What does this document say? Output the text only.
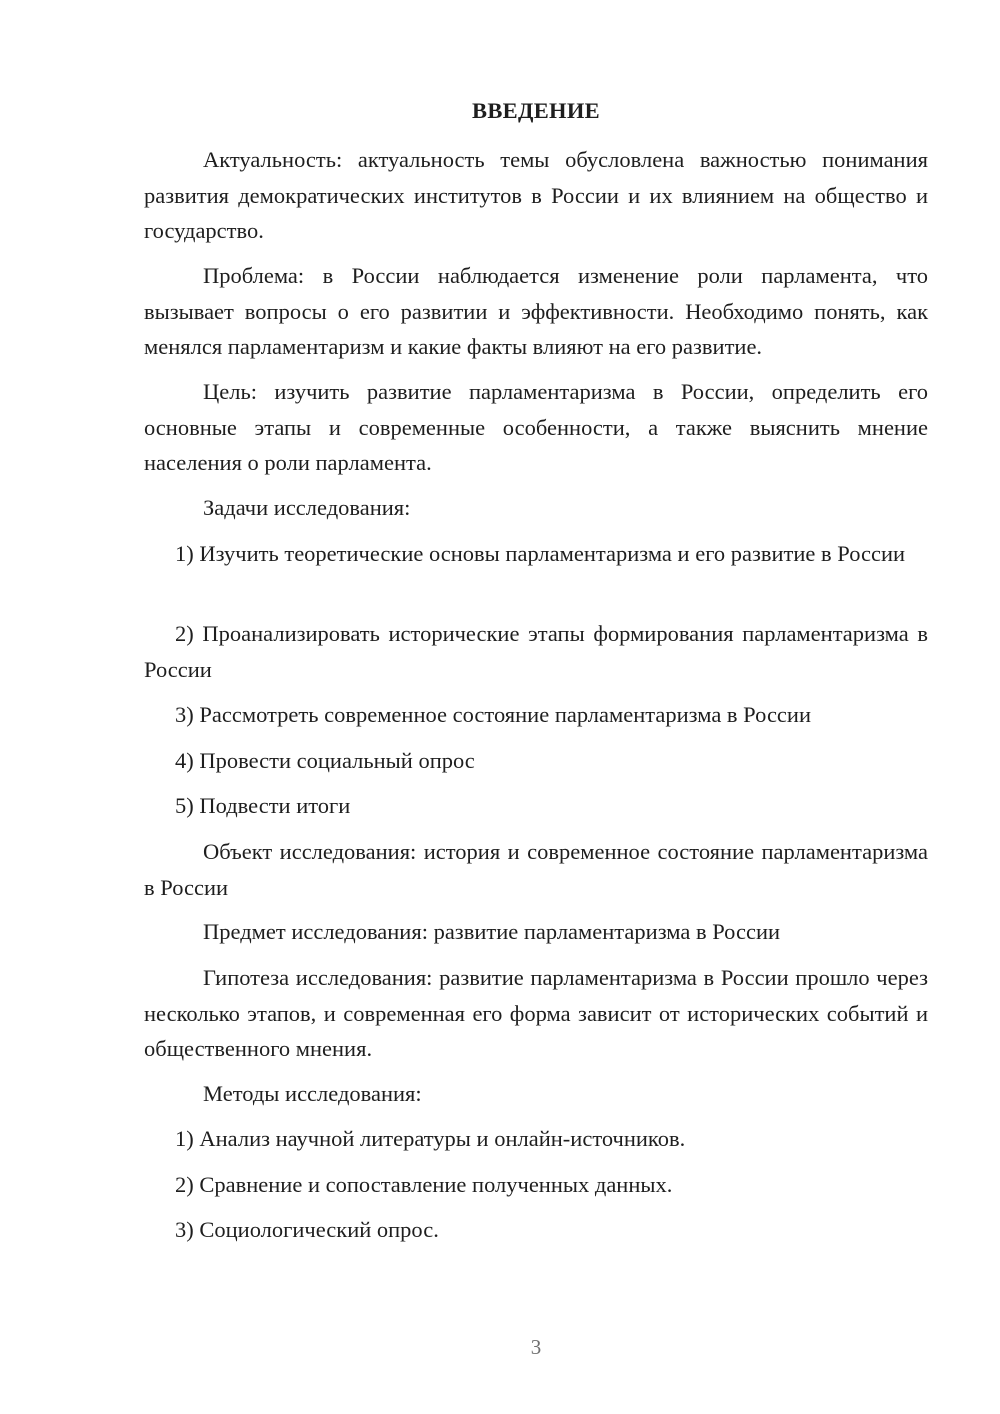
ВВЕДЕНИЕ

Актуальность: актуальность темы обусловлена важностью понимания развития демократических институтов в России и их влиянием на общество и государство.

Проблема: в России наблюдается изменение роли парламента, что вызывает вопросы о его развитии и эффективности. Необходимо понять, как менялся парламентаризм и какие факты влияют на его развитие.

Цель: изучить развитие парламентаризма в России, определить его основные этапы и современные особенности, а также выяснить мнение населения о роли парламента.

Задачи исследования:

1) Изучить теоретические основы парламентаризма и его развитие в России

2) Проанализировать исторические этапы формирования парламентаризма в России

3) Рассмотреть современное состояние парламентаризма в России

4) Провести социальный опрос

5) Подвести итоги

Объект исследования: история и современное состояние парламентаризма в России

Предмет исследования: развитие парламентаризма в России

Гипотеза исследования: развитие парламентаризма в России прошло через несколько этапов, и современная его форма зависит от исторических событий и общественного мнения.

Методы исследования:

1) Анализ научной литературы и онлайн-источников.

2) Сравнение и сопоставление полученных данных.

3) Социологический опрос.

3
